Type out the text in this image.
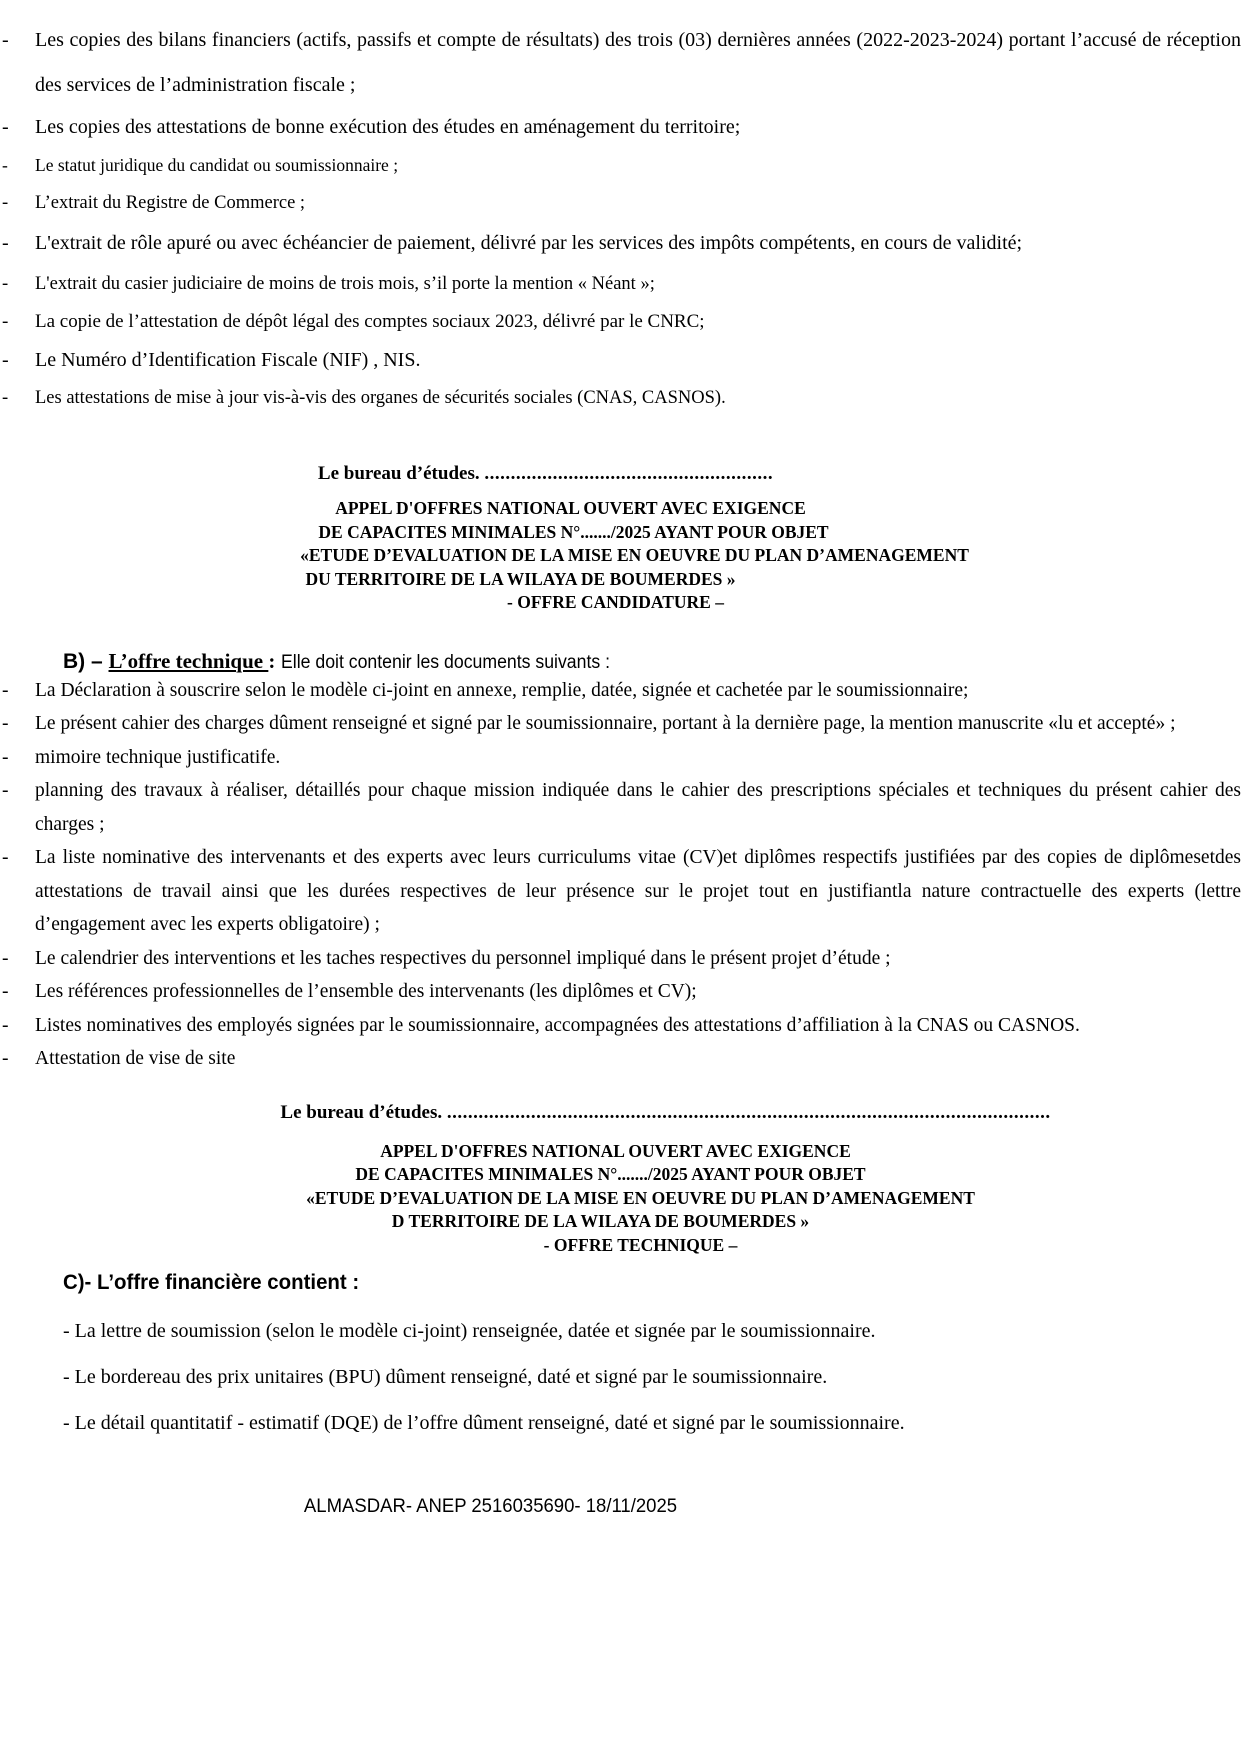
- Les copies des bilans financiers (actifs, passifs et compte de résultats) des trois (03) dernières années (2022-2023-2024) portant l’accusé de réception des services de l’administration fiscale ;
- Les copies des attestations de bonne exécution des études en aménagement du territoire;
- Le statut juridique du candidat ou soumissionnaire ;
- L’extrait du Registre de Commerce ;
- L'extrait de rôle apuré ou avec échéancier de paiement, délivré par les services des impôts compétents, en cours de validité;
- L'extrait du casier judiciaire de moins de trois mois, s’il porte la mention « Néant »;
- La copie de l’attestation de dépôt légal des comptes sociaux 2023, délivré par le CNRC;
- Le Numéro d’Identification Fiscale (NIF) , NIS.
- Les attestations de mise à jour vis-à-vis des organes de sécurités sociales (CNAS, CASNOS).
Le bureau d’études. .......................................................
APPEL D'OFFRES NATIONAL OUVERT AVEC EXIGENCE
DE CAPACITES MINIMALES N°......./2025 AYANT POUR OBJET
«ETUDE D’EVALUATION DE LA MISE EN OEUVRE DU PLAN D’AMENAGEMENT
DU TERRITOIRE DE LA WILAYA DE BOUMERDES »
- OFFRE CANDIDATURE –
B) – L’offre technique : Elle doit contenir les documents suivants :
- La Déclaration à souscrire selon le modèle ci-joint en annexe, remplie, datée, signée et cachetée par le soumissionnaire;
- Le présent cahier des charges dûment renseigné et signé par le soumissionnaire, portant à la dernière page, la mention manuscrite «lu et accepté» ;
- mimoire technique justificatife.
- planning des travaux à réaliser, détaillés pour chaque mission indiquée dans le cahier des prescriptions spéciales et techniques du présent cahier des charges ;
- La liste nominative des intervenants et des experts avec leurs curriculums vitae (CV)et diplômes respectifs justifiées par des copies de diplômesetdes attestations de travail ainsi que les durées respectives de leur présence sur le projet tout en justifiantla nature contractuelle des experts (lettre d’engagement avec les experts obligatoire) ;
- Le calendrier des interventions et les taches respectives du personnel impliqué dans le présent projet d’étude ;
- Les références professionnelles de l’ensemble des intervenants (les diplômes et CV);
- Listes nominatives des employés signées par le soumissionnaire, accompagnées des attestations d’affiliation à la CNAS ou CASNOS.
- Attestation de vise de site
Le bureau d’études. ...................................................................................................................
APPEL D'OFFRES NATIONAL OUVERT AVEC EXIGENCE
DE CAPACITES MINIMALES N°......./2025 AYANT POUR OBJET
«ETUDE D’EVALUATION DE LA MISE EN OEUVRE DU PLAN D’AMENAGEMENT
D TERRITOIRE DE LA WILAYA DE BOUMERDES »
- OFFRE TECHNIQUE –
C)- L’offre financière contient :

- La lettre de soumission (selon le modèle ci-joint) renseignée, datée et signée par le soumissionnaire.

- Le bordereau des prix unitaires (BPU) dûment renseigné, daté et signé par le soumissionnaire.

- Le détail quantitatif - estimatif (DQE) de l’offre dûment renseigné, daté et signé par le soumissionnaire.

ALMASDAR- ANEP 2516035690- 18/11/2025
